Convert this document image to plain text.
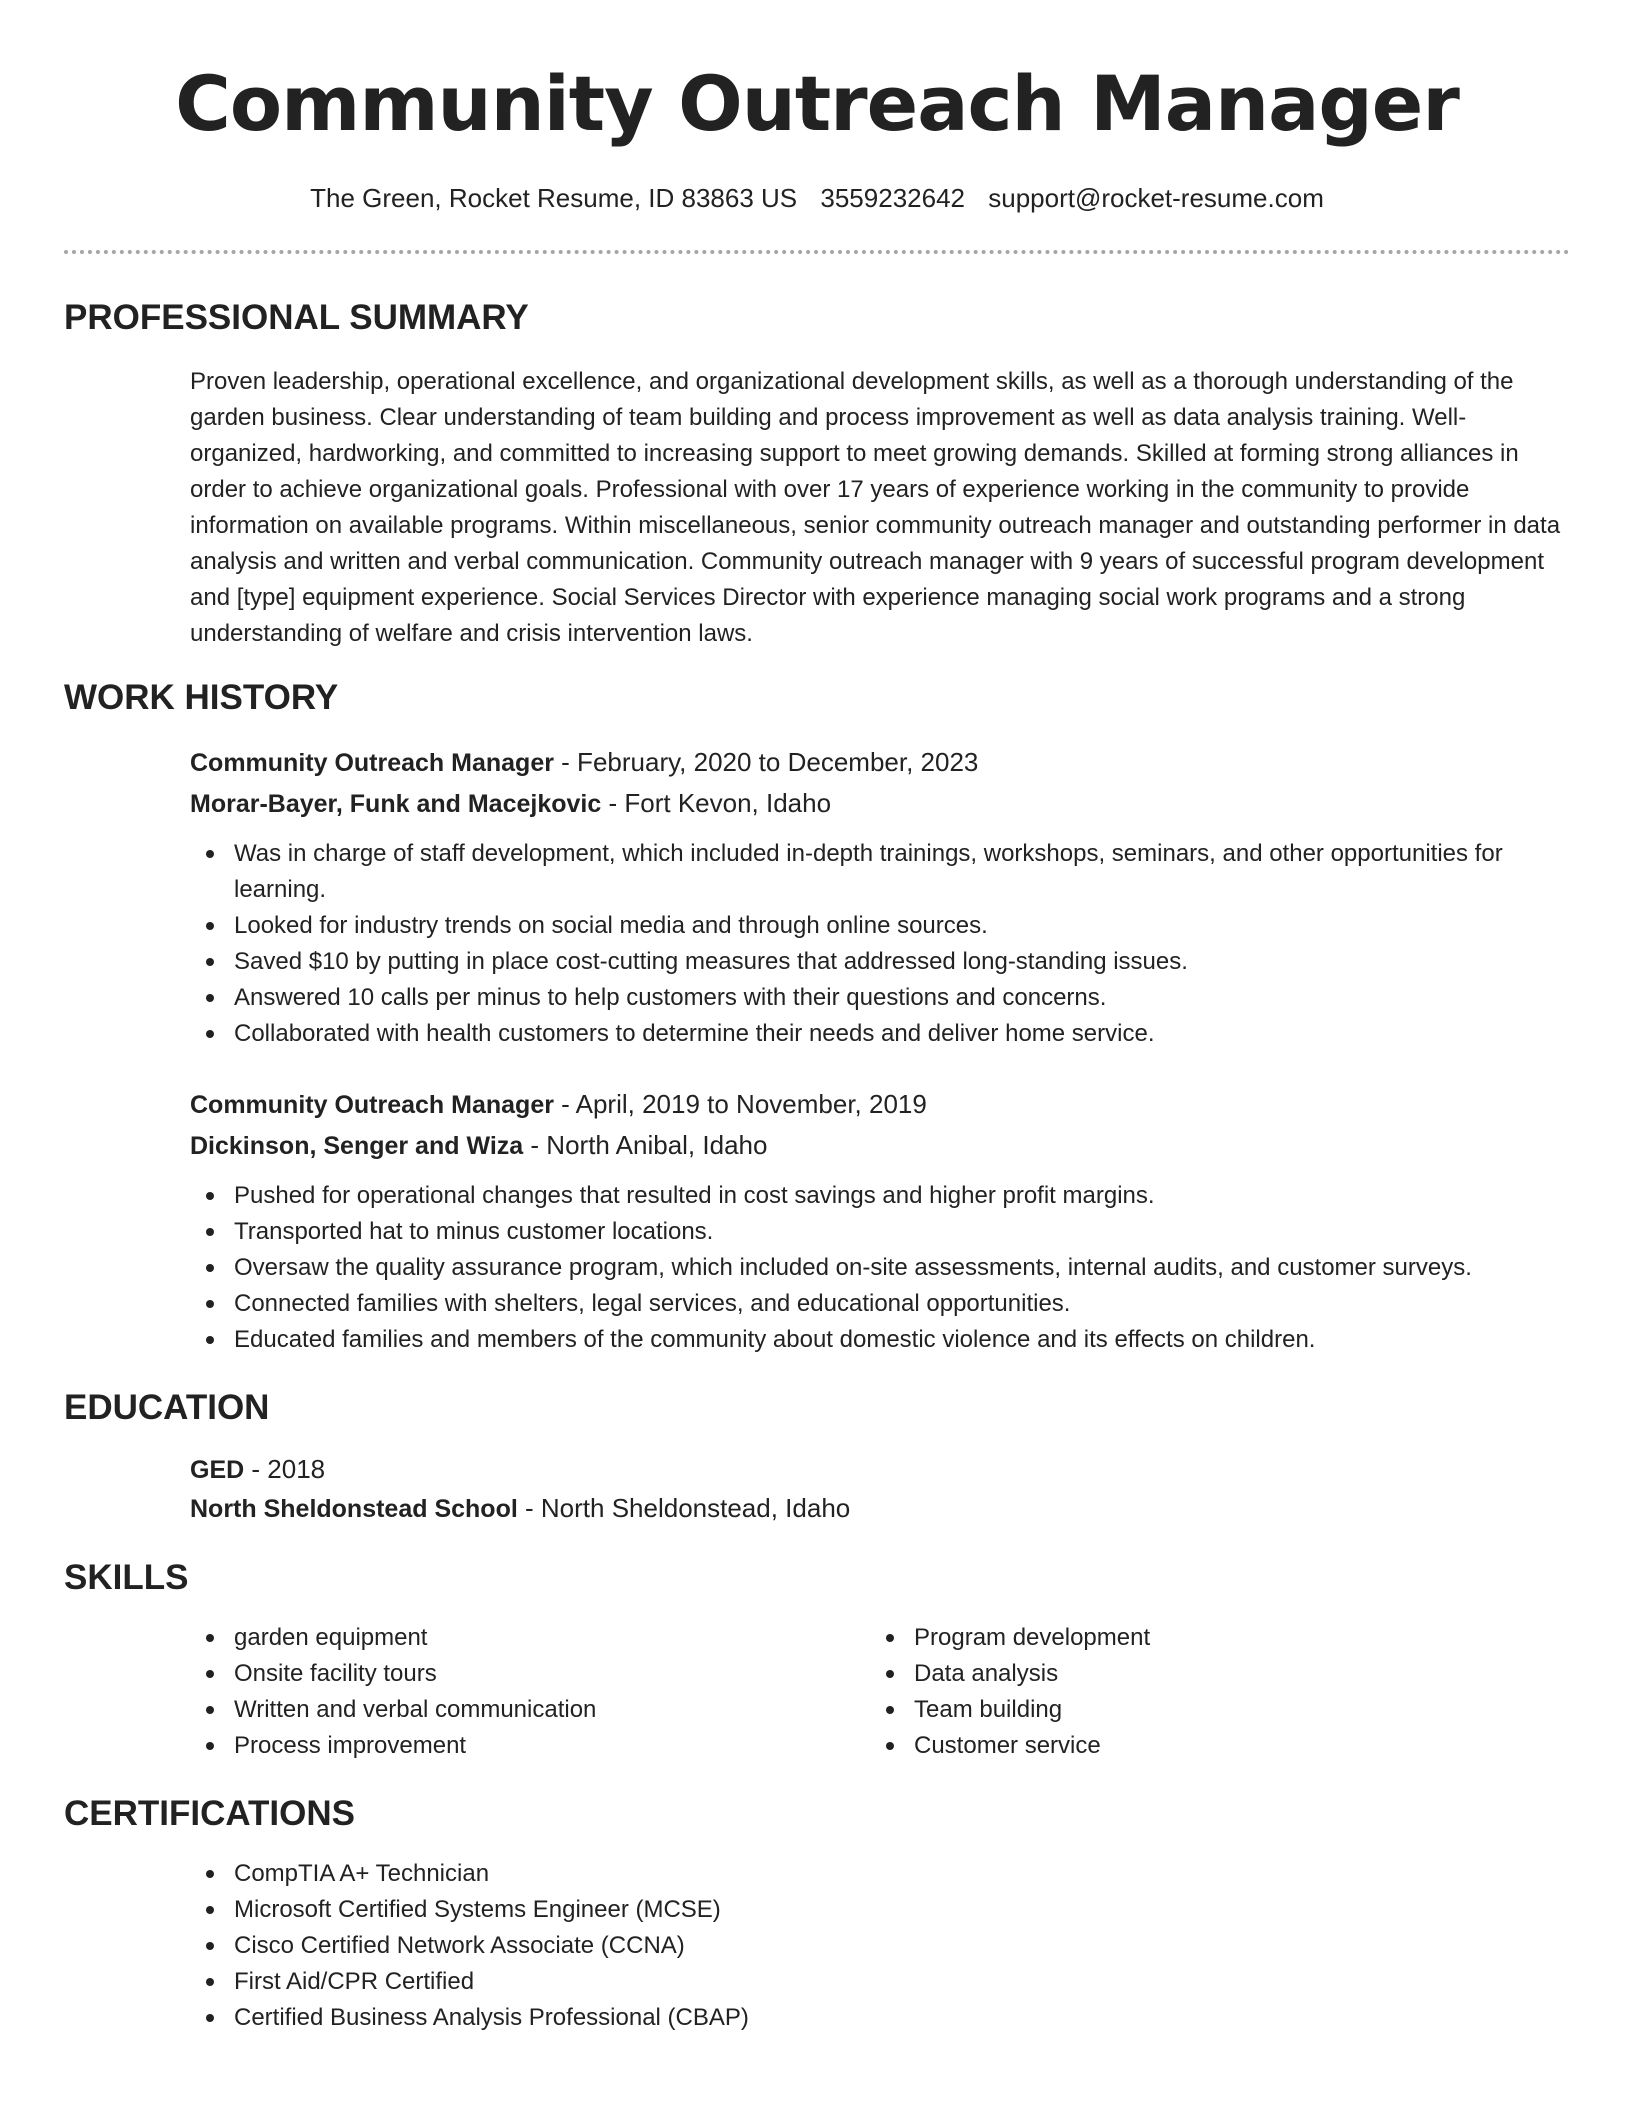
Community Outreach Manager
The Green, Rocket Resume, ID 83863 US 3559232642 support@rocket-resume.com
PROFESSIONAL SUMMARY

Proven leadership, operational excellence, and organizational development skills, as well as a thorough understanding of the garden business. Clear understanding of team building and process improvement as well as data analysis training. Well-organized, hardworking, and committed to increasing support to meet growing demands. Skilled at forming strong alliances in order to achieve organizational goals. Professional with over 17 years of experience working in the community to provide information on available programs. Within miscellaneous, senior community outreach manager and outstanding performer in data analysis and written and verbal communication. Community outreach manager with 9 years of successful program development and [type] equipment experience. Social Services Director with experience managing social work programs and a strong understanding of welfare and crisis intervention laws.

WORK HISTORY

Community Outreach Manager - February, 2020 to December, 2023

Morar-Bayer, Funk and Macejkovic - Fort Kevon, Idaho

Was in charge of staff development, which included in-depth trainings, workshops, seminars, and other opportunities for learning.
Looked for industry trends on social media and through online sources.
Saved $10 by putting in place cost-cutting measures that addressed long-standing issues.
Answered 10 calls per minus to help customers with their questions and concerns.
Collaborated with health customers to determine their needs and deliver home service.

Community Outreach Manager - April, 2019 to November, 2019

Dickinson, Senger and Wiza - North Anibal, Idaho

Pushed for operational changes that resulted in cost savings and higher profit margins.
Transported hat to minus customer locations.
Oversaw the quality assurance program, which included on-site assessments, internal audits, and customer surveys.
Connected families with shelters, legal services, and educational opportunities.
Educated families and members of the community about domestic violence and its effects on children.
EDUCATION

GED - 2018

North Sheldonstead School - North Sheldonstead, Idaho

SKILLS
garden equipment
Onsite facility tours
Written and verbal communication
Process improvement
Program development
Data analysis
Team building
Customer service
CERTIFICATIONS
CompTIA A+ Technician
Microsoft Certified Systems Engineer (MCSE)
Cisco Certified Network Associate (CCNA)
First Aid/CPR Certified
Certified Business Analysis Professional (CBAP)
